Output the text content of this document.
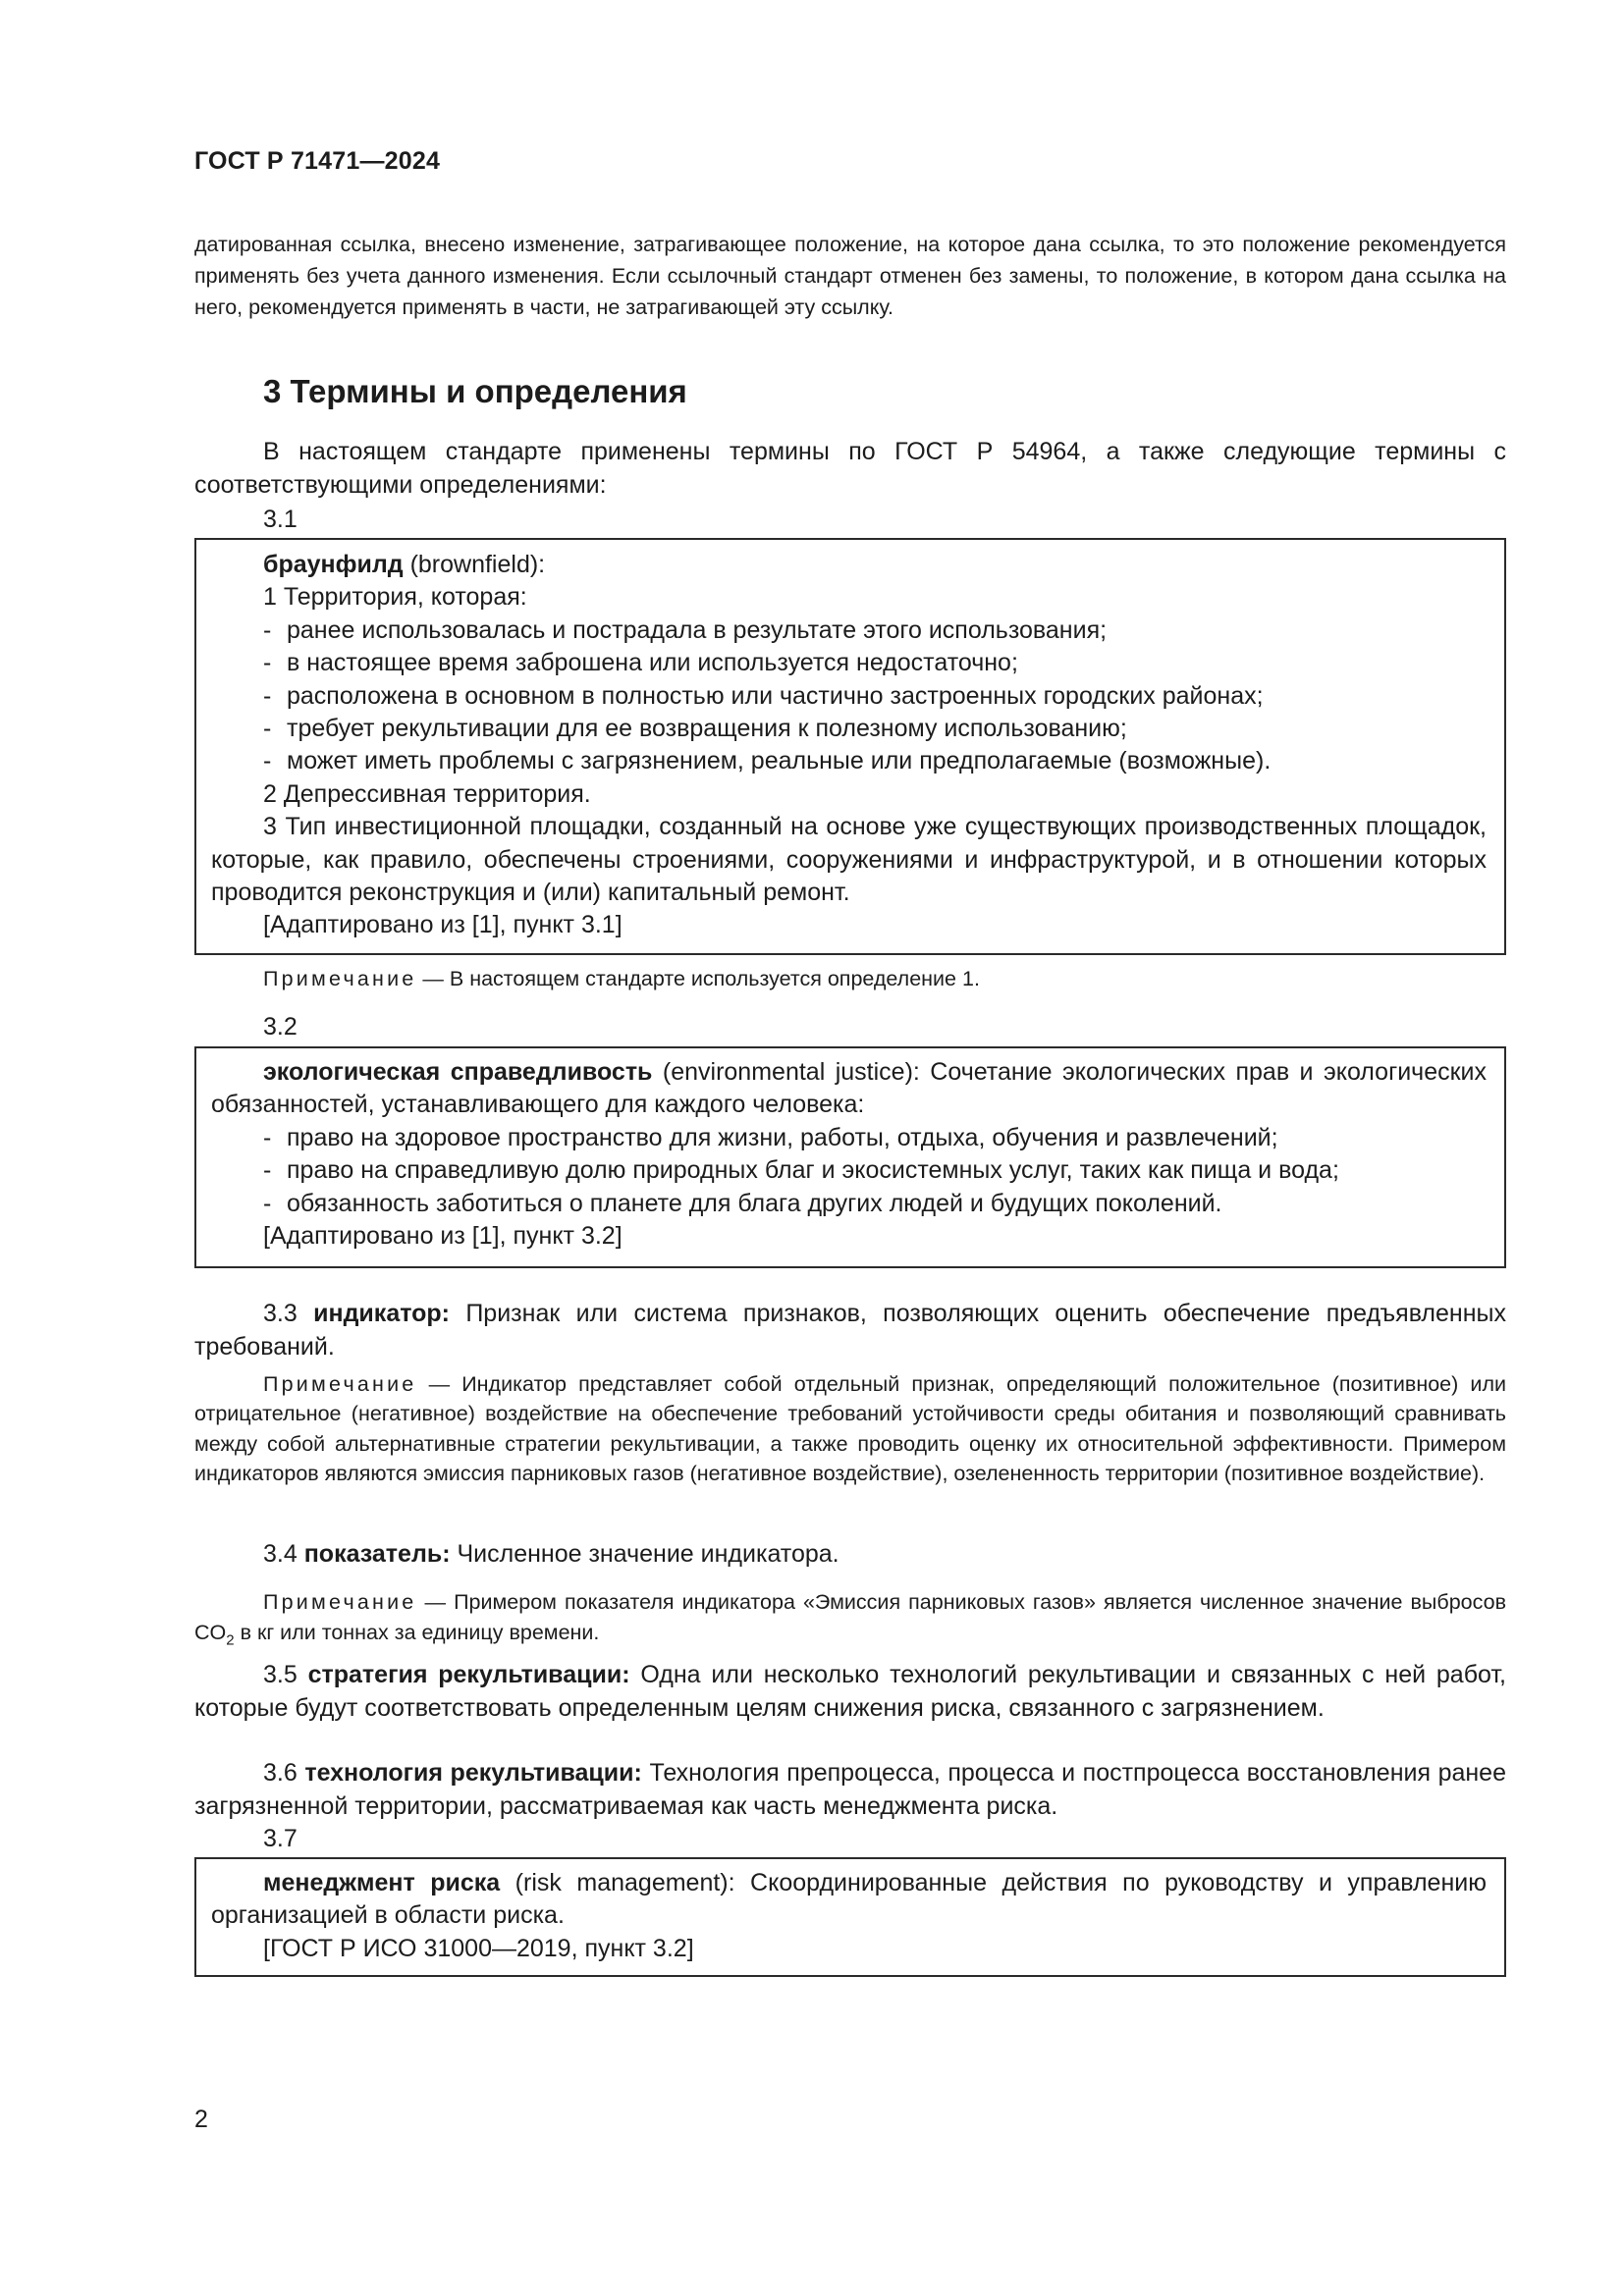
ГОСТ Р 71471—2024

датированная ссылка, внесено изменение, затрагивающее положение, на которое дана ссылка, то это положение рекомендуется применять без учета данного изменения. Если ссылочный стандарт отменен без замены, то положение, в котором дана ссылка на него, рекомендуется применять в части, не затрагивающей эту ссылку.

3 Термины и определения

В настоящем стандарте применены термины по ГОСТ Р 54964, а также следующие термины с соответствующими определениями:

3.1

браунфилд (brownfield):

1 Территория, которая:

- ранее использовалась и пострадала в результате этого использования;

- в настоящее время заброшена или используется недостаточно;

- расположена в основном в полностью или частично застроенных городских районах;

- требует рекультивации для ее возвращения к полезному использованию;

- может иметь проблемы с загрязнением, реальные или предполагаемые (возможные).

2 Депрессивная территория.

3 Тип инвестиционной площадки, созданный на основе уже существующих производственных площадок, которые, как правило, обеспечены строениями, сооружениями и инфраструктурой, и в отношении которых проводится реконструкция и (или) капитальный ремонт.

[Адаптировано из [1], пункт 3.1]

Примечание — В настоящем стандарте используется определение 1.

3.2

экологическая справедливость (environmental justice): Сочетание экологических прав и экологических обязанностей, устанавливающего для каждого человека:

- право на здоровое пространство для жизни, работы, отдыха, обучения и развлечений;

- право на справедливую долю природных благ и экосистемных услуг, таких как пища и вода;

- обязанность заботиться о планете для блага других людей и будущих поколений.

[Адаптировано из [1], пункт 3.2]

3.3 индикатор: Признак или система признаков, позволяющих оценить обеспечение предъявленных требований.

Примечание — Индикатор представляет собой отдельный признак, определяющий положительное (позитивное) или отрицательное (негативное) воздействие на обеспечение требований устойчивости среды обитания и позволяющий сравнивать между собой альтернативные стратегии рекультивации, а также проводить оценку их относительной эффективности. Примером индикаторов являются эмиссия парниковых газов (негативное воздействие), озелененность территории (позитивное воздействие).

3.4 показатель: Численное значение индикатора.

Примечание — Примером показателя индикатора «Эмиссия парниковых газов» является численное значение выбросов $CO_2$ в кг или тоннах за единицу времени.

3.5 стратегия рекультивации: Одна или несколько технологий рекультивации и связанных с ней работ, которые будут соответствовать определенным целям снижения риска, связанного с загрязнением.

3.6 технология рекультивации: Технология препроцесса, процесса и постпроцесса восстановления ранее загрязненной территории, рассматриваемая как часть менеджмента риска.

3.7

менеджмент риска (risk management): Скоординированные действия по руководству и управлению организацией в области риска.

[ГОСТ Р ИСО 31000—2019, пункт 3.2]

2
